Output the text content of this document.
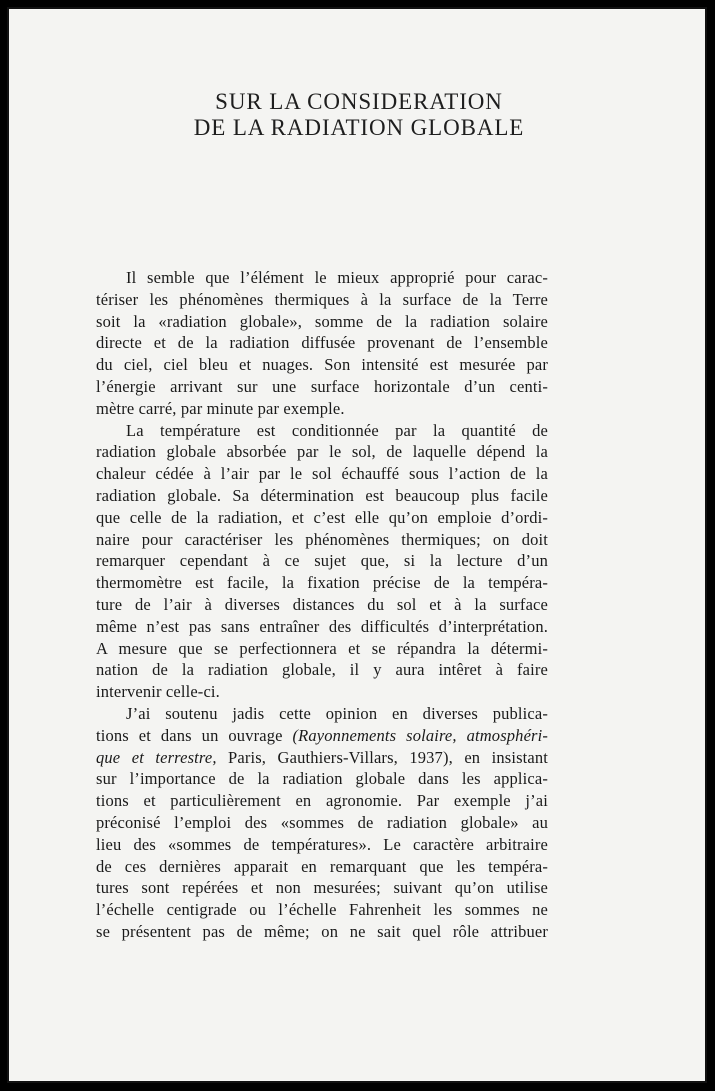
SUR LA CONSIDERATION
DE LA RADIATION GLOBALE
Il semble que l’élément le mieux approprié pour carac-
tériser les phénomènes thermiques à la surface de la Terre
soit la «radiation globale», somme de la radiation solaire
directe et de la radiation diffusée provenant de l’ensemble
du ciel, ciel bleu et nuages. Son intensité est mesurée par
l’énergie arrivant sur une surface horizontale d’un centi-
mètre carré, par minute par exemple.
La température est conditionnée par la quantité de
radiation globale absorbée par le sol, de laquelle dépend la
chaleur cédée à l’air par le sol échauffé sous l’action de la
radiation globale. Sa détermination est beaucoup plus facile
que celle de la radiation, et c’est elle qu’on emploie d’ordi-
naire pour caractériser les phénomènes thermiques; on doit
remarquer cependant à ce sujet que, si la lecture d’un
thermomètre est facile, la fixation précise de la tempéra-
ture de l’air à diverses distances du sol et à la surface
même n’est pas sans entraîner des difficultés d’interprétation.
A mesure que se perfectionnera et se répandra la détermi-
nation de la radiation globale, il y aura intêret à faire
intervenir celle-ci.
J’ai soutenu jadis cette opinion en diverses publica-
tions et dans un ouvrage (Rayonnements solaire, atmosphéri-
que et terrestre, Paris, Gauthiers-Villars, 1937), en insistant
sur l’importance de la radiation globale dans les applica-
tions et particulièrement en agronomie. Par exemple j’ai
préconisé l’emploi des «sommes de radiation globale» au
lieu des «sommes de températures». Le caractère arbitraire
de ces dernières apparait en remarquant que les tempéra-
tures sont repérées et non mesurées; suivant qu’on utilise
l’échelle centigrade ou l’échelle Fahrenheit les sommes ne
se présentent pas de même; on ne sait quel rôle attribuer
